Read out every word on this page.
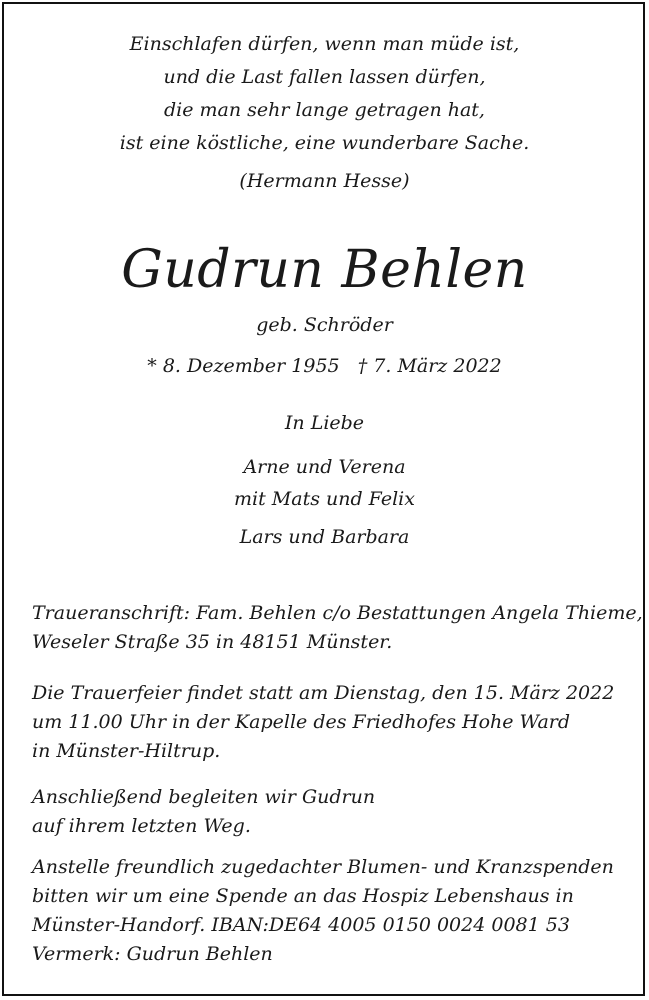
Einschlafen dürfen, wenn man müde ist,
und die Last fallen lassen dürfen,
die man sehr lange getragen hat,
ist eine köstliche, eine wunderbare Sache.
(Hermann Hesse)
Gudrun Behlen
geb. Schröder
* 8. Dezember 1955   † 7. März 2022
In Liebe
Arne und Verena
mit Mats und Felix
Lars und Barbara
Traueranschrift: Fam. Behlen c/o Bestattungen Angela Thieme,
Weseler Straße 35 in 48151 Münster.
Die Trauerfeier findet statt am Dienstag, den 15. März 2022
um 11.00 Uhr in der Kapelle des Friedhofes Hohe Ward
in Münster-Hiltrup.
Anschließend begleiten wir Gudrun
auf ihrem letzten Weg.
Anstelle freundlich zugedachter Blumen- und Kranzspenden
bitten wir um eine Spende an das Hospiz Lebenshaus in
Münster-Handorf. IBAN:DE64 4005 0150 0024 0081 53
Vermerk: Gudrun Behlen
